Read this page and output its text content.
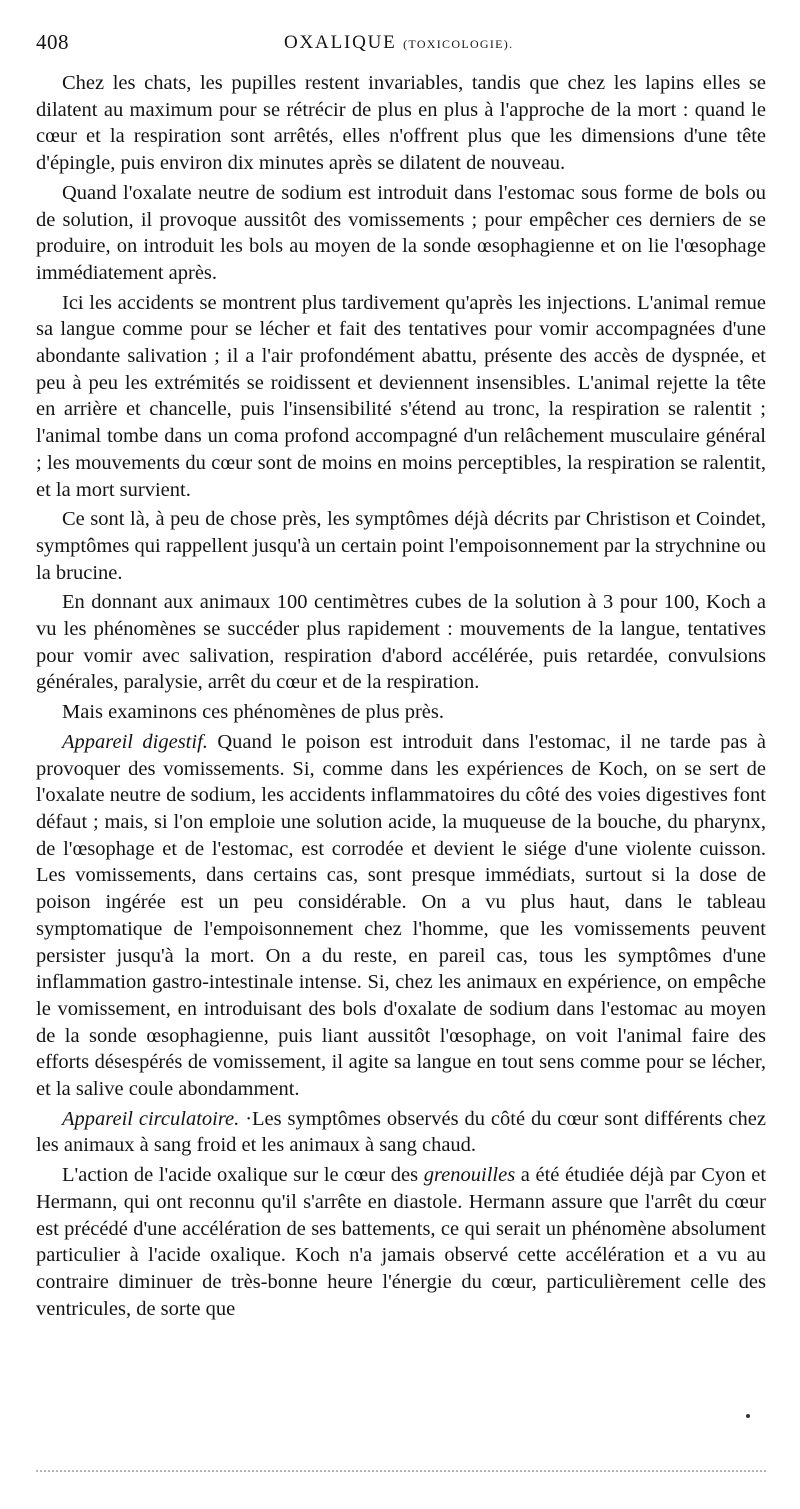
408	OXALIQUE (TOXICOLOGIE).

Chez les chats, les pupilles restent invariables, tandis que chez les lapins elles se dilatent au maximum pour se rétrécir de plus en plus à l'approche de la mort : quand le cœur et la respiration sont arrêtés, elles n'offrent plus que les dimensions d'une tête d'épingle, puis environ dix minutes après se dilatent de nouveau.

Quand l'oxalate neutre de sodium est introduit dans l'estomac sous forme de bols ou de solution, il provoque aussitôt des vomissements ; pour empêcher ces derniers de se produire, on introduit les bols au moyen de la sonde œsophagienne et on lie l'œsophage immédiatement après.

Ici les accidents se montrent plus tardivement qu'après les injections. L'animal remue sa langue comme pour se lécher et fait des tentatives pour vomir accompagnées d'une abondante salivation ; il a l'air profondément abattu, présente des accès de dyspnée, et peu à peu les extrémités se roidissent et deviennent insensibles. L'animal rejette la tête en arrière et chancelle, puis l'insensibilité s'étend au tronc, la respiration se ralentit ; l'animal tombe dans un coma profond accompagné d'un relâchement musculaire général ; les mouvements du cœur sont de moins en moins perceptibles, la respiration se ralentit, et la mort survient.

Ce sont là, à peu de chose près, les symptômes déjà décrits par Christison et Coindet, symptômes qui rappellent jusqu'à un certain point l'empoisonnement par la strychnine ou la brucine.

En donnant aux animaux 100 centimètres cubes de la solution à 3 pour 100, Koch a vu les phénomènes se succéder plus rapidement : mouvements de la langue, tentatives pour vomir avec salivation, respiration d'abord accélérée, puis retardée, convulsions générales, paralysie, arrêt du cœur et de la respiration.

Mais examinons ces phénomènes de plus près.

Appareil digestif. Quand le poison est introduit dans l'estomac, il ne tarde pas à provoquer des vomissements. Si, comme dans les expériences de Koch, on se sert de l'oxalate neutre de sodium, les accidents inflammatoires du côté des voies digestives font défaut ; mais, si l'on emploie une solution acide, la muqueuse de la bouche, du pharynx, de l'œsophage et de l'estomac, est corrodée et devient le siége d'une violente cuisson. Les vomissements, dans certains cas, sont presque immédiats, surtout si la dose de poison ingérée est un peu considérable. On a vu plus haut, dans le tableau symptomatique de l'empoisonnement chez l'homme, que les vomissements peuvent persister jusqu'à la mort. On a du reste, en pareil cas, tous les symptômes d'une inflammation gastro-intestinale intense. Si, chez les animaux en expérience, on empêche le vomissement, en introduisant des bols d'oxalate de sodium dans l'estomac au moyen de la sonde œsophagienne, puis liant aussitôt l'œsophage, on voit l'animal faire des efforts désespérés de vomissement, il agite sa langue en tout sens comme pour se lécher, et la salive coule abondamment.

Appareil circulatoire. ·Les symptômes observés du côté du cœur sont différents chez les animaux à sang froid et les animaux à sang chaud.

L'action de l'acide oxalique sur le cœur des grenouilles a été étudiée déjà par Cyon et Hermann, qui ont reconnu qu'il s'arrête en diastole. Hermann assure que l'arrêt du cœur est précédé d'une accélération de ses battements, ce qui serait un phénomène absolument particulier à l'acide oxalique. Koch n'a jamais observé cette accélération et a vu au contraire diminuer de très-bonne heure l'énergie du cœur, particulièrement celle des ventricules, de sorte que
